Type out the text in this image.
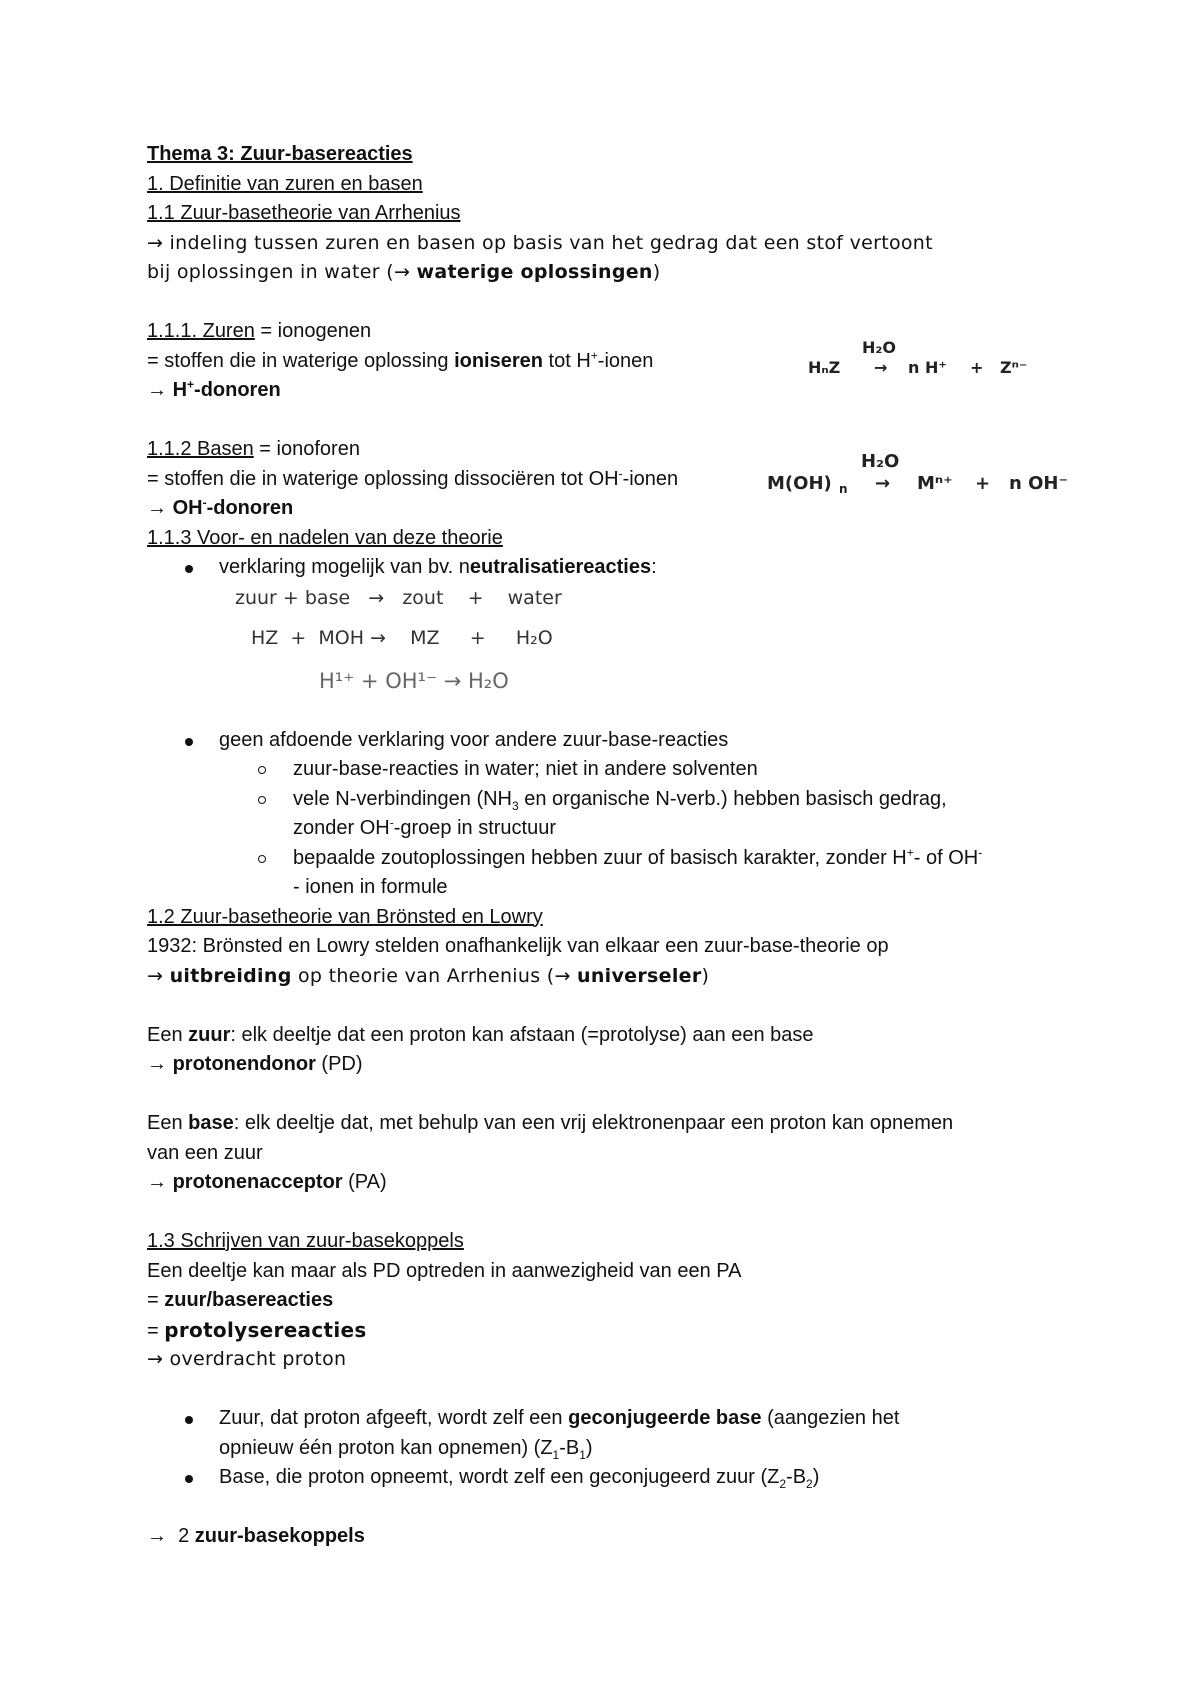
Thema 3: Zuur-basereacties
1. Definitie van zuren en basen
1.1 Zuur-basetheorie van Arrhenius
→ indeling tussen zuren en basen op basis van het gedrag dat een stof vertoont
bij oplossingen in water (→ waterige oplossingen)
1.1.1. Zuren = ionogenen
= stoffen die in waterige oplossing ioniseren tot H+-ionen
H₂O
HₙZ → n H⁺ + Zⁿ⁻
→ H+-donoren
1.1.2 Basen = ionoforen
= stoffen die in waterige oplossing dissociëren tot OH--ionen
H₂O
M(OH) n → Mⁿ⁺ + n OH⁻
→ OH--donoren
1.1.3 Voor- en nadelen van deze theorie
verklaring mogelijk van bv. neutralisatiereacties:
zuur + base   →   zout    +    water
HZ  +  MOH →    MZ     +     H₂O
H¹⁺ + OH¹⁻ → H₂O
geen afdoende verklaring voor andere zuur-base-reacties
zuur-base-reacties in water; niet in andere solventen
vele N-verbindingen ($NH_3$ en organische N-verb.) hebben basisch gedrag,
zonder OH--groep in structuur
bepaalde zoutoplossingen hebben zuur of basisch karakter, zonder H+- of OH-
- ionen in formule
1.2 Zuur-basetheorie van Brönsted en Lowry
1932: Brönsted en Lowry stelden onafhankelijk van elkaar een zuur-base-theorie op
→ uitbreiding op theorie van Arrhenius (→ universeler)
Een zuur: elk deeltje dat een proton kan afstaan (=protolyse) aan een base
→ protonendonor (PD)
Een base: elk deeltje dat, met behulp van een vrij elektronenpaar een proton kan opnemen
van een zuur
→ protonenacceptor (PA)
1.3 Schrijven van zuur-basekoppels
Een deeltje kan maar als PD optreden in aanwezigheid van een PA
= zuur/basereacties
= protolysereacties
→ overdracht proton
Zuur, dat proton afgeeft, wordt zelf een geconjugeerde base (aangezien het
opnieuw één proton kan opnemen) $(Z_1-B_1)$
Base, die proton opneemt, wordt zelf een geconjugeerd zuur $(Z_2-B_2)$
→  2 zuur-basekoppels
